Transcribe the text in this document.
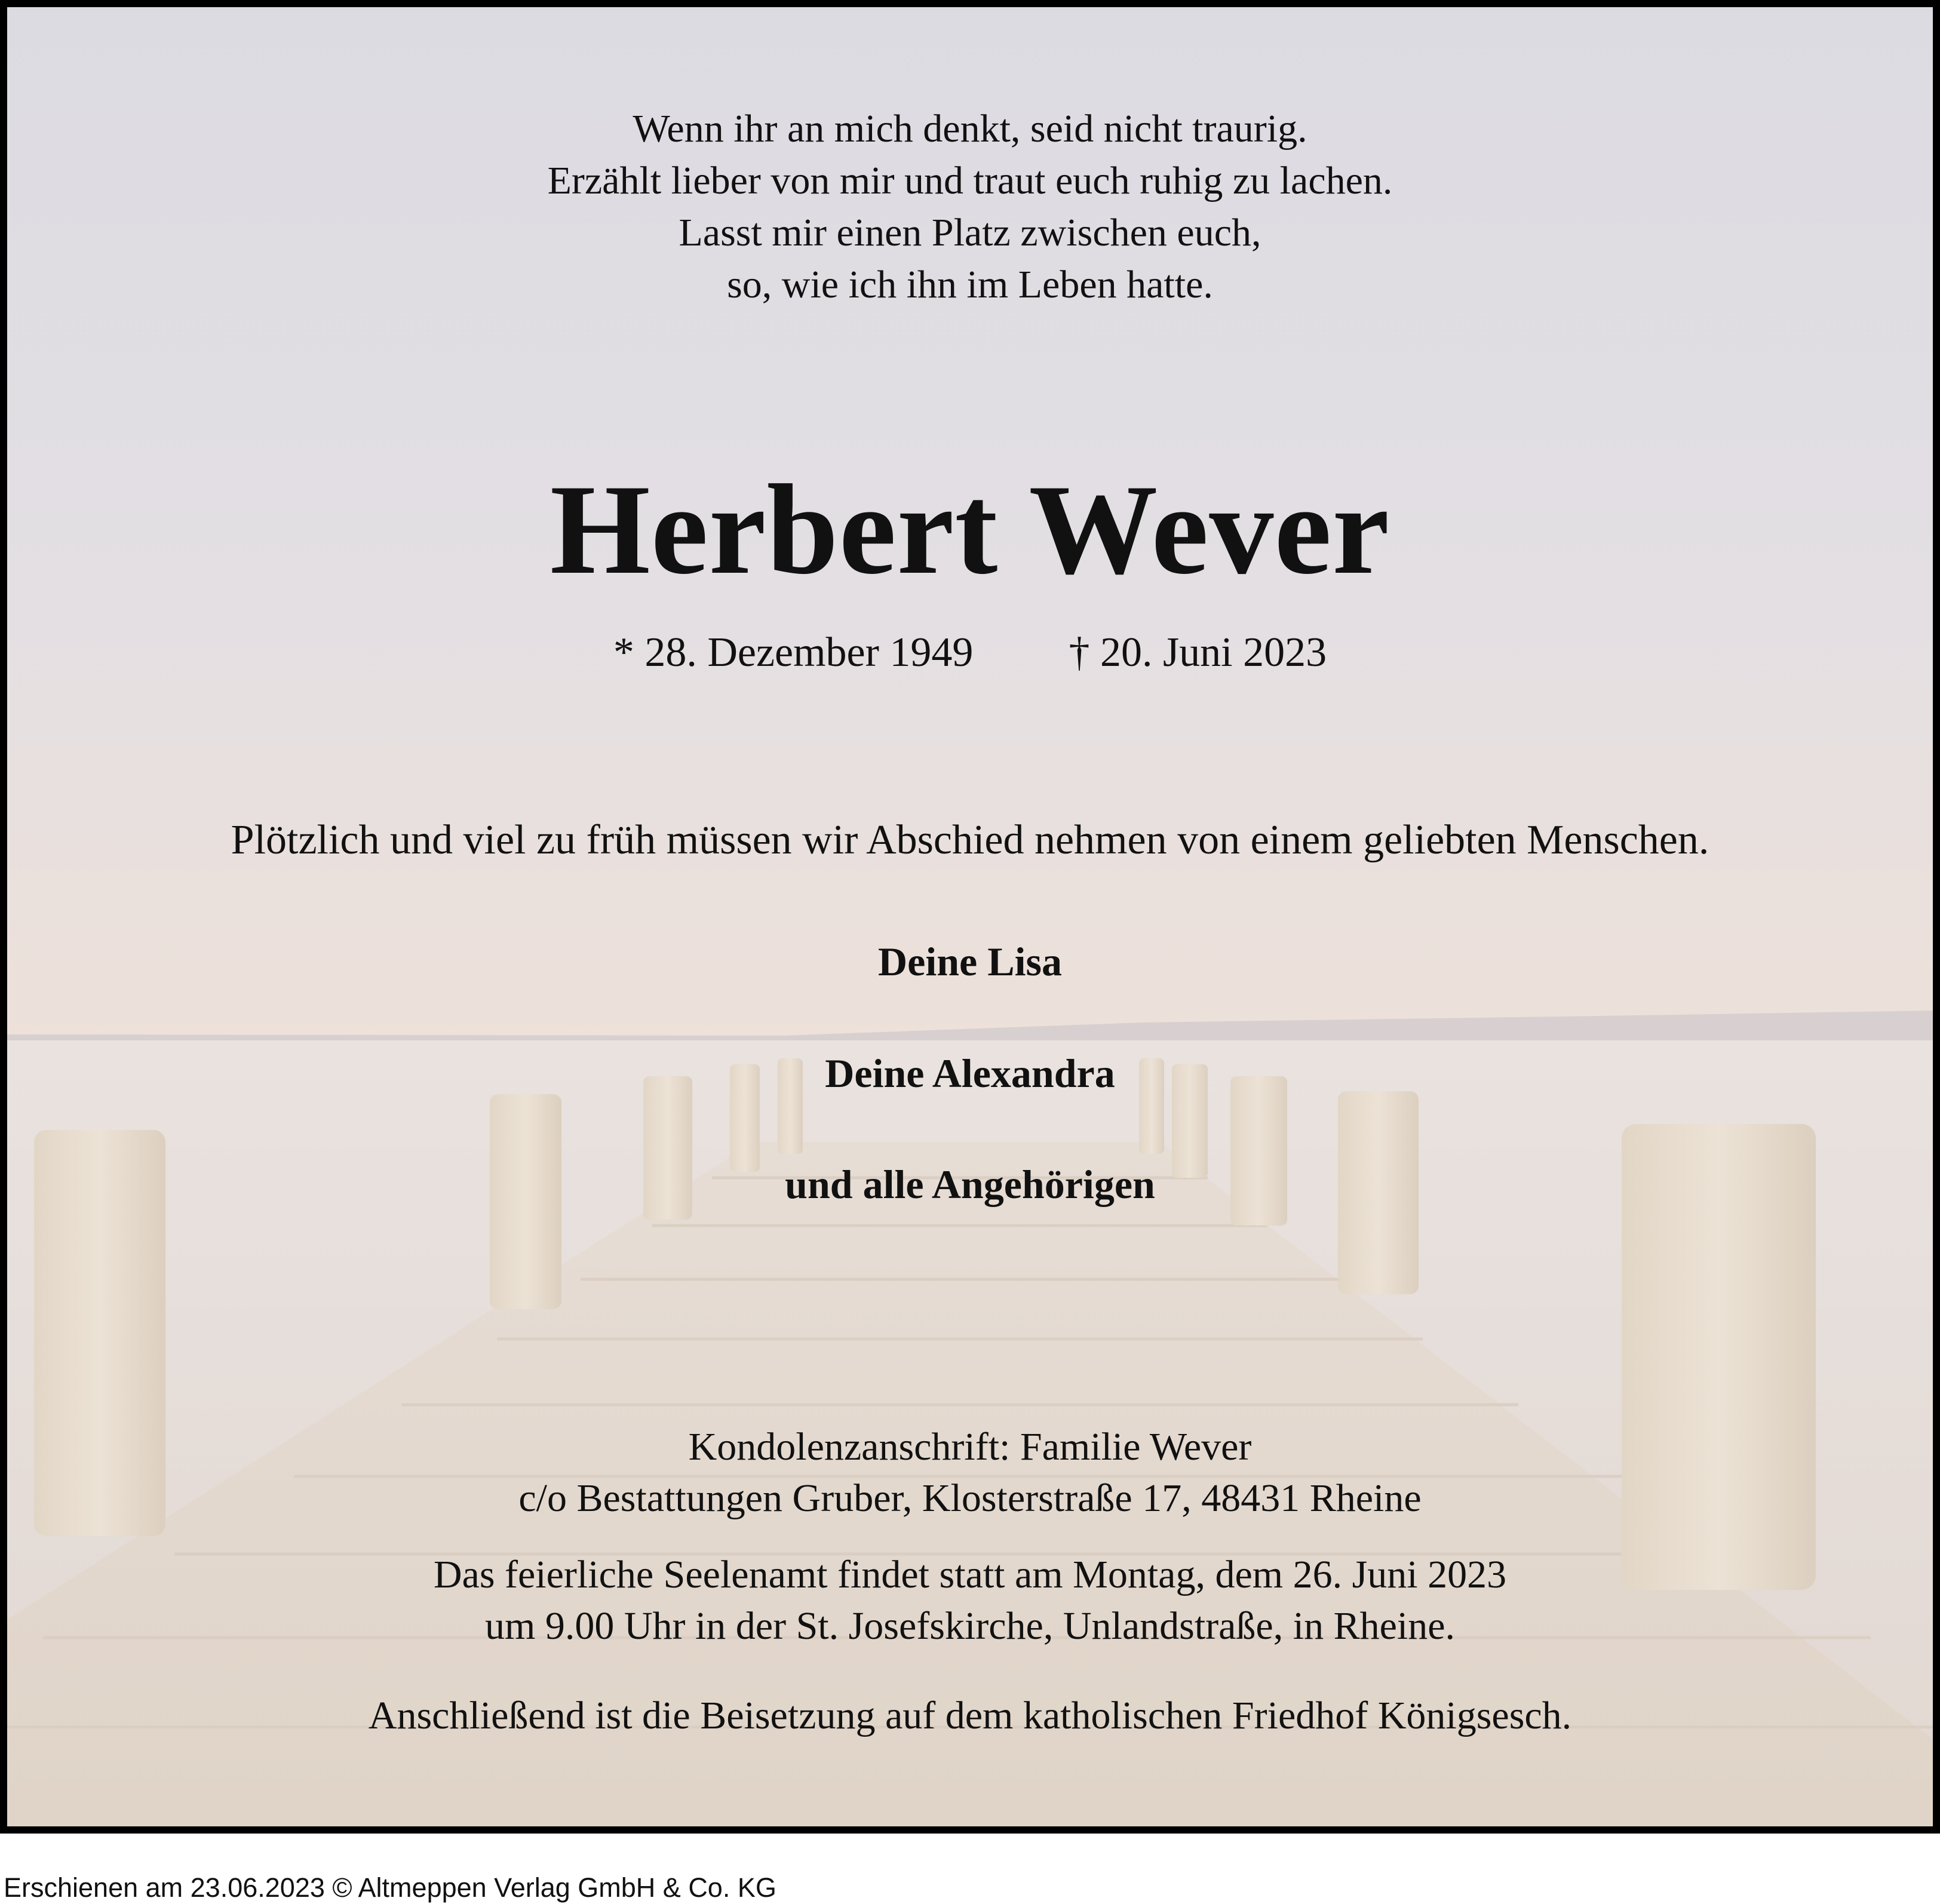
Wenn ihr an mich denkt, seid nicht traurig.
Erzählt lieber von mir und traut euch ruhig zu lachen.
Lasst mir einen Platz zwischen euch,
so, wie ich ihn im Leben hatte.
Herbert Wever
* 28. Dezember 1949 † 20. Juni 2023
Plötzlich und viel zu früh müssen wir Abschied nehmen von einem geliebten Menschen.
Deine Lisa
Deine Alexandra
und alle Angehörigen
Kondolenzanschrift: Familie Wever
c/o Bestattungen Gruber, Klosterstraße 17, 48431 Rheine
Das feierliche Seelenamt findet statt am Montag, dem 26. Juni 2023
um 9.00 Uhr in der St. Josefskirche, Unlandstraße, in Rheine.
Anschließend ist die Beisetzung auf dem katholischen Friedhof Königsesch.
Erschienen am 23.06.2023 © Altmeppen Verlag GmbH & Co. KG
